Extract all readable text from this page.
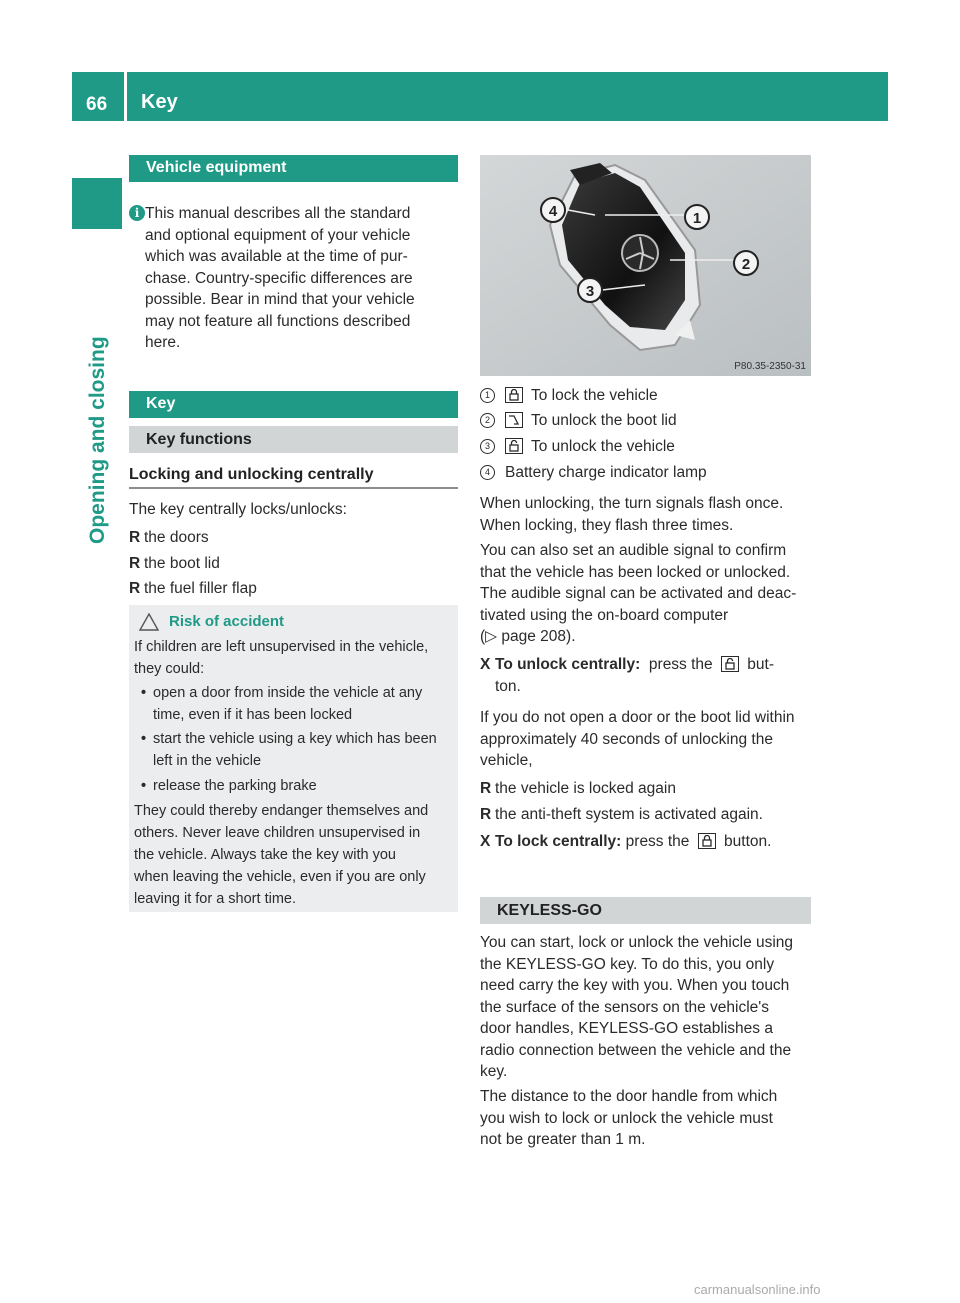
66 Key
Opening and closing
Vehicle equipment
i This manual describes all the standard
and optional equipment of your vehicle
which was available at the time of pur-
chase. Country-specific differences are
possible. Bear in mind that your vehicle
may not feature all functions described
here.
Key
Key functions
Locking and unlocking centrally
The key centrally locks/unlocks:
R the doors
R the boot lid
R the fuel filler flap
Risk of accident
If children are left unsupervised in the vehicle,
they could:
• open a door from inside the vehicle at any
time, even if it has been locked
• start the vehicle using a key which has been
left in the vehicle
• release the parking brake
They could thereby endanger themselves and
others. Never leave children unsupervised in
the vehicle. Always take the key with you
when leaving the vehicle, even if you are only
leaving it for a short time.
4	1
2
3
P80.35-2350-31
1	To lock the vehicle
2	To unlock the boot lid
3	To unlock the vehicle
4 Battery charge indicator lamp
When unlocking, the turn signals flash once.
When locking, they flash three times.
You can also set an audible signal to confirm
that the vehicle has been locked or unlocked.
The audible signal can be activated and deac-
tivated using the on-board computer
(▷ page 208).
X To unlock centrally: press the but-
ton.
If you do not open a door or the boot lid within
approximately 40 seconds of unlocking the
vehicle,
R the vehicle is locked again
R the anti-theft system is activated again.
X To lock centrally: press the button.
KEYLESS-GO
You can start, lock or unlock the vehicle using
the KEYLESS-GO key. To do this, you only
need carry the key with you. When you touch
the surface of the sensors on the vehicle's
door handles, KEYLESS-GO establishes a
radio connection between the vehicle and the
key.
The distance to the door handle from which
you wish to lock or unlock the vehicle must
not be greater than 1 m.
carmanualsonline.info
